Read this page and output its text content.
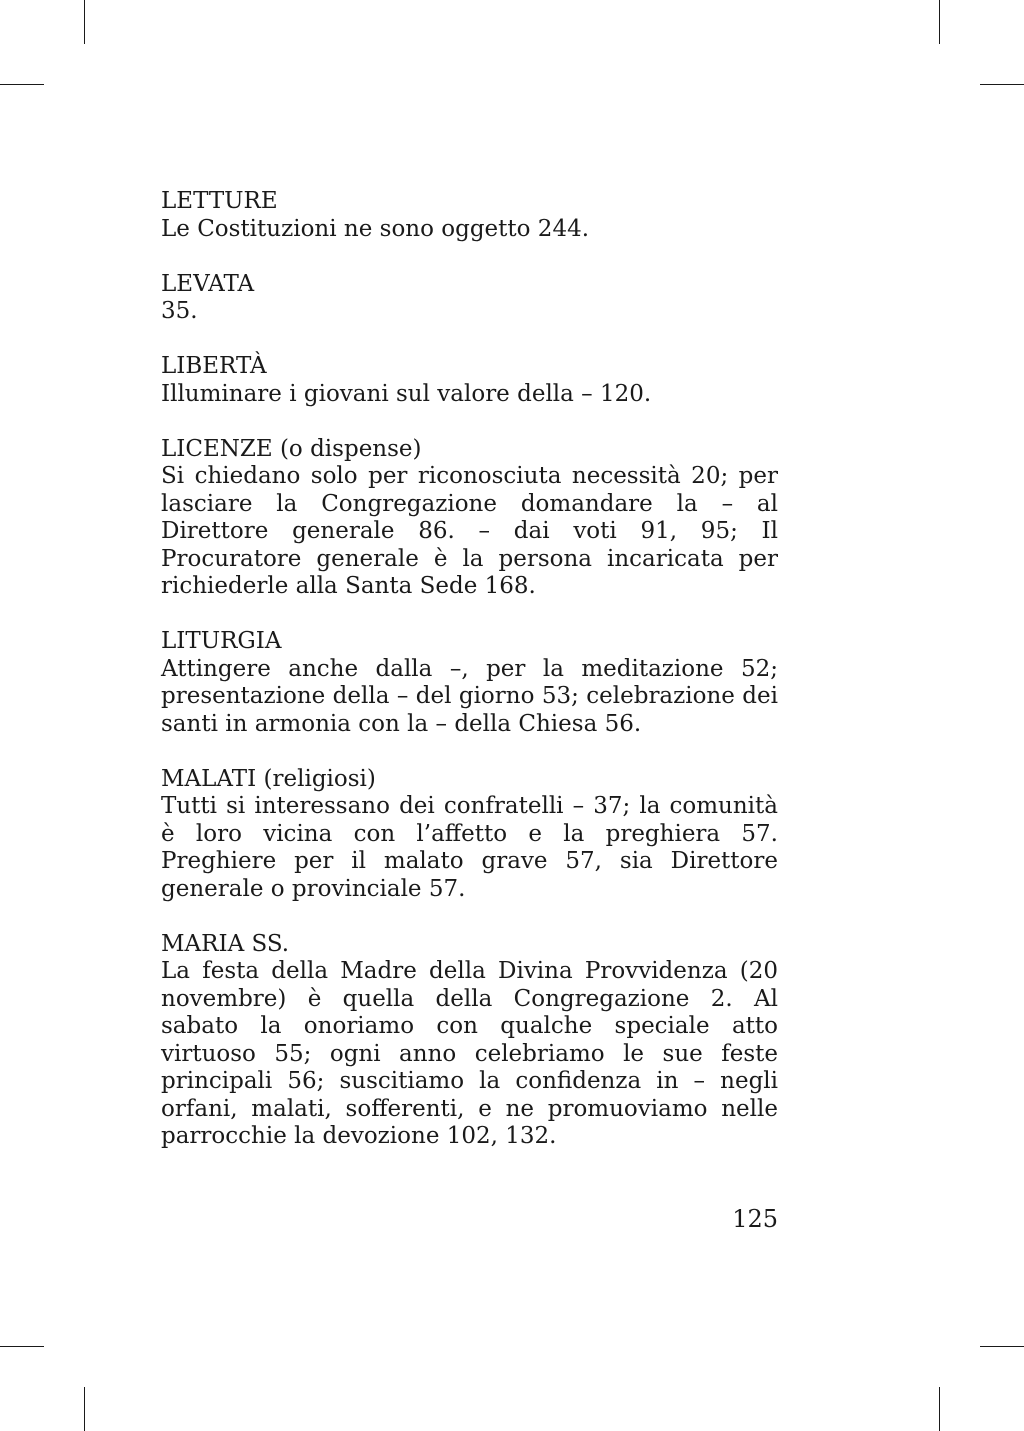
LETTURE
Le Costituzioni ne sono oggetto 244.
LEVATA
35.
LIBERTÀ
Illuminare i giovani sul valore della – 120.
LICENZE (o dispense)
Si chiedano solo per riconosciuta necessità 20; per lasciare la Congregazione domandare la – al Direttore generale 86. – dai voti 91, 95; Il Procuratore generale è la persona incaricata per richiederle alla Santa Sede 168.
LITURGIA
Attingere anche dalla –, per la meditazione 52; presentazione della – del giorno 53; celebrazione dei santi in armonia con la – della Chiesa 56.
MALATI (religiosi)
Tutti si interessano dei confratelli – 37; la comunità è loro vicina con l’affetto e la preghiera 57. Preghiere per il malato grave 57, sia Direttore generale o provinciale 57.
MARIA SS.
La festa della Madre della Divina Provvidenza (20 novembre) è quella della Congregazione 2. Al sabato la onoriamo con qualche speciale atto virtuoso 55; ogni anno celebriamo le sue feste principali 56; suscitiamo la confidenza in – negli orfani, malati, sofferenti, e ne promuoviamo nelle parrocchie la devozione 102, 132.
125
